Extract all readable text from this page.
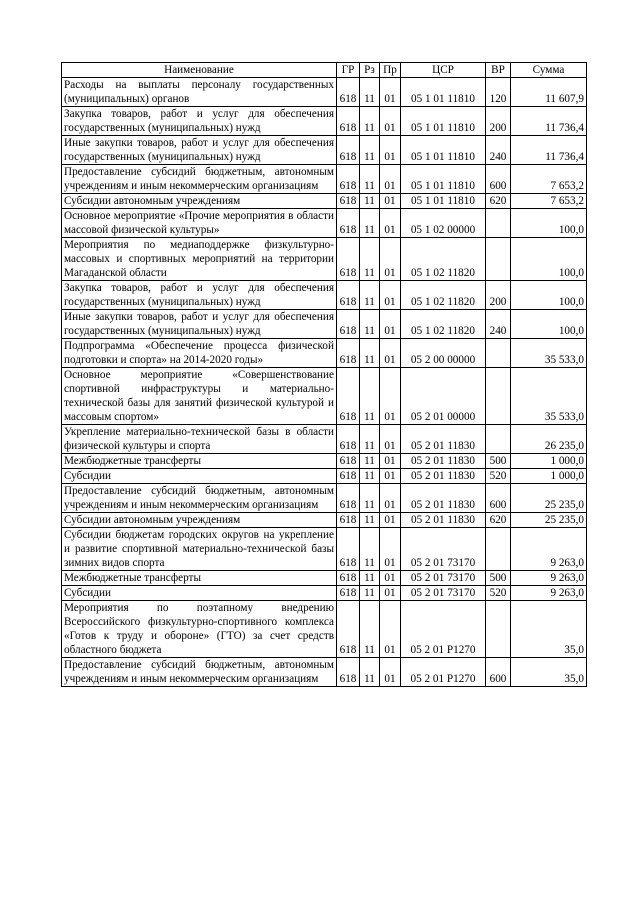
Наименование	ГР	Рз	Пр	ЦСР	ВР	Сумма
Расходы на выплаты персоналу государственных (муниципальных) органов	618	11	01	05 1 01 11810	120	11 607,9
Закупка товаров, работ и услуг для обеспечения государственных (муниципальных) нужд	618	11	01	05 1 01 11810	200	11 736,4
Иные закупки товаров, работ и услуг для обеспечения государственных (муниципальных) нужд	618	11	01	05 1 01 11810	240	11 736,4
Предоставление субсидий бюджетным, автономным учреждениям и иным некоммерческим организациям	618	11	01	05 1 01 11810	600	7 653,2
Субсидии автономным учреждениям	618	11	01	05 1 01 11810	620	7 653,2
Основное мероприятие «Прочие мероприятия в области массовой физической культуры»	618	11	01	05 1 02 00000		100,0
Мероприятия по медиаподдержке физкультурно-массовых и спортивных мероприятий на территории Магаданской области	618	11	01	05 1 02 11820		100,0
Закупка товаров, работ и услуг для обеспечения государственных (муниципальных) нужд	618	11	01	05 1 02 11820	200	100,0
Иные закупки товаров, работ и услуг для обеспечения государственных (муниципальных) нужд	618	11	01	05 1 02 11820	240	100,0
Подпрограмма «Обеспечение процесса физической подготовки и спорта» на 2014-2020 годы»	618	11	01	05 2 00 00000		35 533,0
Основное мероприятие «Совершенствование спортивной инфраструктуры и материально-технической базы для занятий физической культурой и массовым спортом»	618	11	01	05 2 01 00000		35 533,0
Укрепление материально-технической базы в области физической культуры и спорта	618	11	01	05 2 01 11830		26 235,0
Межбюджетные трансферты	618	11	01	05 2 01 11830	500	1 000,0
Субсидии	618	11	01	05 2 01 11830	520	1 000,0
Предоставление субсидий бюджетным, автономным учреждениям и иным некоммерческим организациям	618	11	01	05 2 01 11830	600	25 235,0
Субсидии автономным учреждениям	618	11	01	05 2 01 11830	620	25 235,0
Субсидии бюджетам городских округов на укрепление и развитие спортивной материально-технической базы зимних видов спорта	618	11	01	05 2 01 73170		9 263,0
Межбюджетные трансферты	618	11	01	05 2 01 73170	500	9 263,0
Субсидии	618	11	01	05 2 01 73170	520	9 263,0
Мероприятия по поэтапному внедрению Всероссийского физкультурно-спортивного комплекса «Готов к труду и обороне» (ГТО) за счет средств областного бюджета	618	11	01	05 2 01 Р1270		35,0
Предоставление субсидий бюджетным, автономным учреждениям и иным некоммерческим организациям	618	11	01	05 2 01 Р1270	600	35,0
